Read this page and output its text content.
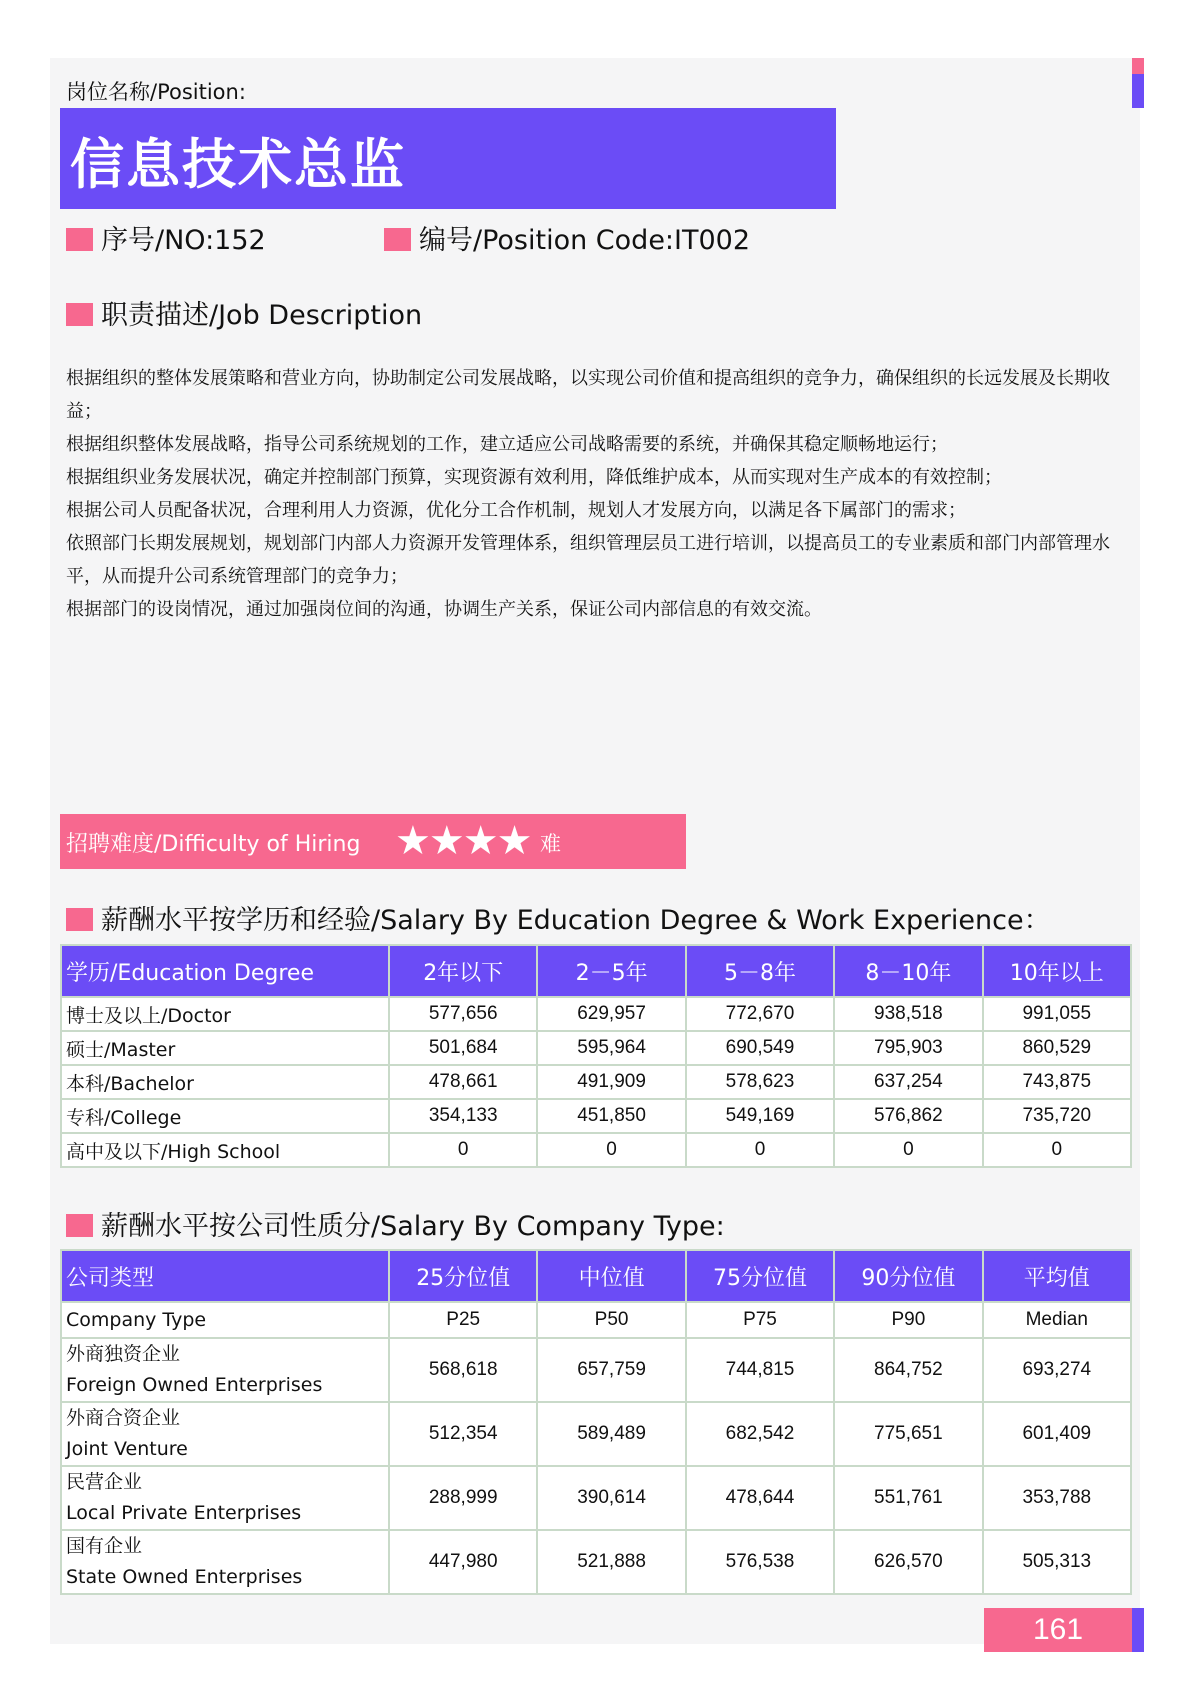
岗位名称/Position:
信息技术总监
序号/NO:152	编号/Position Code:IT002
职责描述/Job Description

根据组织的整体发展策略和营业方向，协助制定公司发展战略，以实现公司价值和提高组织的竞争力，确保组织的长远发展及长期收益；

根据组织整体发展战略，指导公司系统规划的工作，建立适应公司战略需要的系统，并确保其稳定顺畅地运行；

根据组织业务发展状况，确定并控制部门预算，实现资源有效利用，降低维护成本，从而实现对生产成本的有效控制；

根据公司人员配备状况，合理利用人力资源，优化分工合作机制，规划人才发展方向，以满足各下属部门的需求；

依照部门长期发展规划，规划部门内部人力资源开发管理体系，组织管理层员工进行培训，以提高员工的专业素质和部门内部管理水平，从而提升公司系统管理部门的竞争力；

根据部门的设岗情况，通过加强岗位间的沟通，协调生产关系，保证公司内部信息的有效交流。

招聘难度/Difficulty of Hiring ★★★★ 难
薪酬水平按学历和经验/Salary By Education Degree & Work Experience：
学历/Education Degree	2年以下	2－5年	5－8年	8－10年	10年以上
博士及以上/Doctor	577,656	629,957	772,670	938,518	991,055
硕士/Master	501,684	595,964	690,549	795,903	860,529
本科/Bachelor	478,661	491,909	578,623	637,254	743,875
专科/College	354,133	451,850	549,169	576,862	735,720
高中及以下/High School	0	0	0	0	0
薪酬水平按公司性质分/Salary By Company Type:
公司类型	25分位值	中位值	75分位值	90分位值	平均值
Company Type	P25	P50	P75	P90	Median

外商独资企业
Foreign Owned Enterprises	568,618	657,759	744,815	864,752	693,274

外商合资企业
Joint Venture	512,354	589,489	682,542	775,651	601,409

民营企业
Local Private Enterprises	288,999	390,614	478,644	551,761	353,788

国有企业
State Owned Enterprises	447,980	521,888	576,538	626,570	505,313
161
